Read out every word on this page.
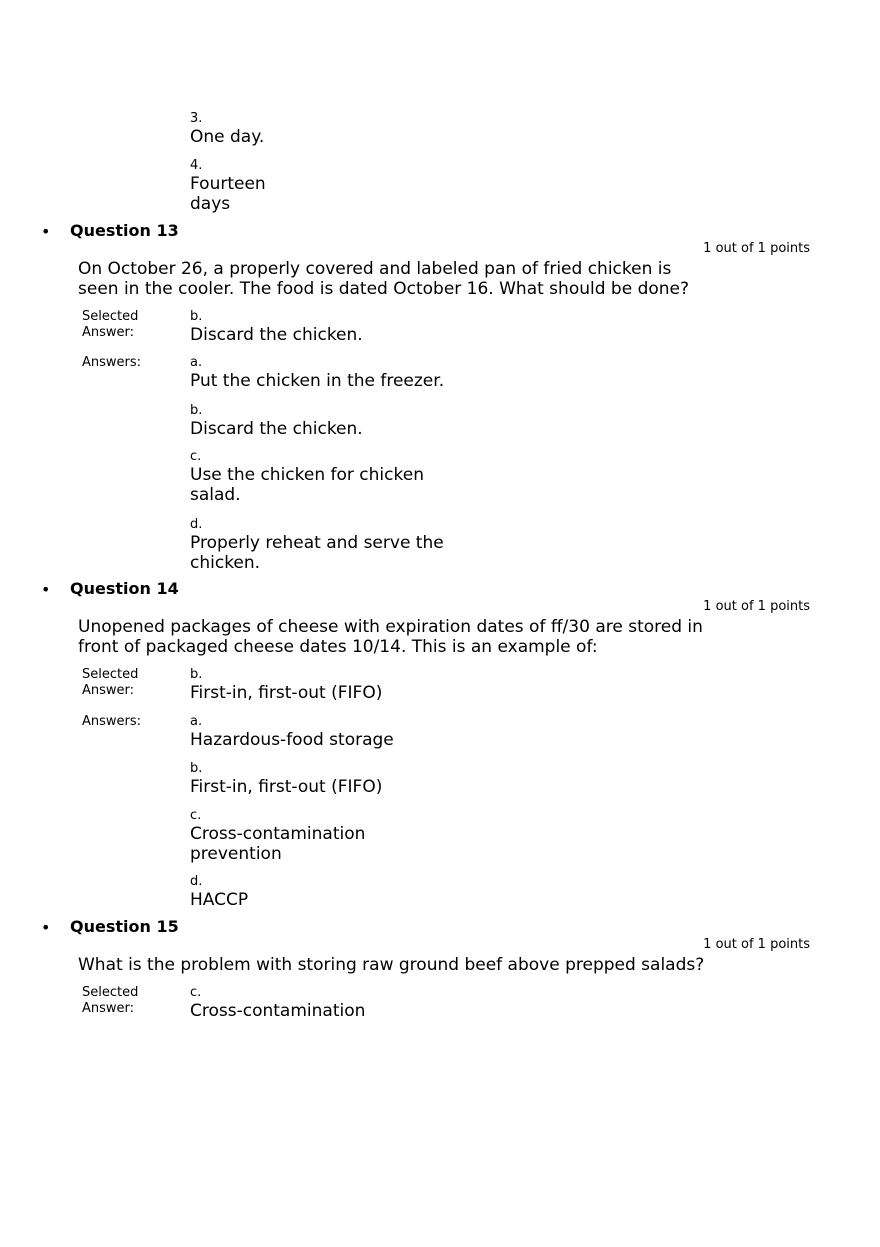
3.
One day.
4.
Fourteen
days
• Question 13
1 out of 1 points
On October 26, a properly covered and labeled pan of fried chicken is
seen in the cooler. The food is dated October 16. What should be done?
Selected
Answer:
b.
Discard the chicken.
Answers:	a.
Put the chicken in the freezer.
b.
Discard the chicken.
c.
Use the chicken for chicken
salad.
d.
Properly reheat and serve the
chicken.
• Question 14
1 out of 1 points
Unopened packages of cheese with expiration dates of ff/30 are stored in
front of packaged cheese dates 10/14. This is an example of:
Selected
Answer:
b.
First-in, first-out (FIFO)
Answers:	a.
Hazardous-food storage
b.
First-in, first-out (FIFO)
c.
Cross-contamination
prevention
d.
HACCP
• Question 15
1 out of 1 points
What is the problem with storing raw ground beef above prepped salads?
Selected
Answer:
c.
Cross-contamination
